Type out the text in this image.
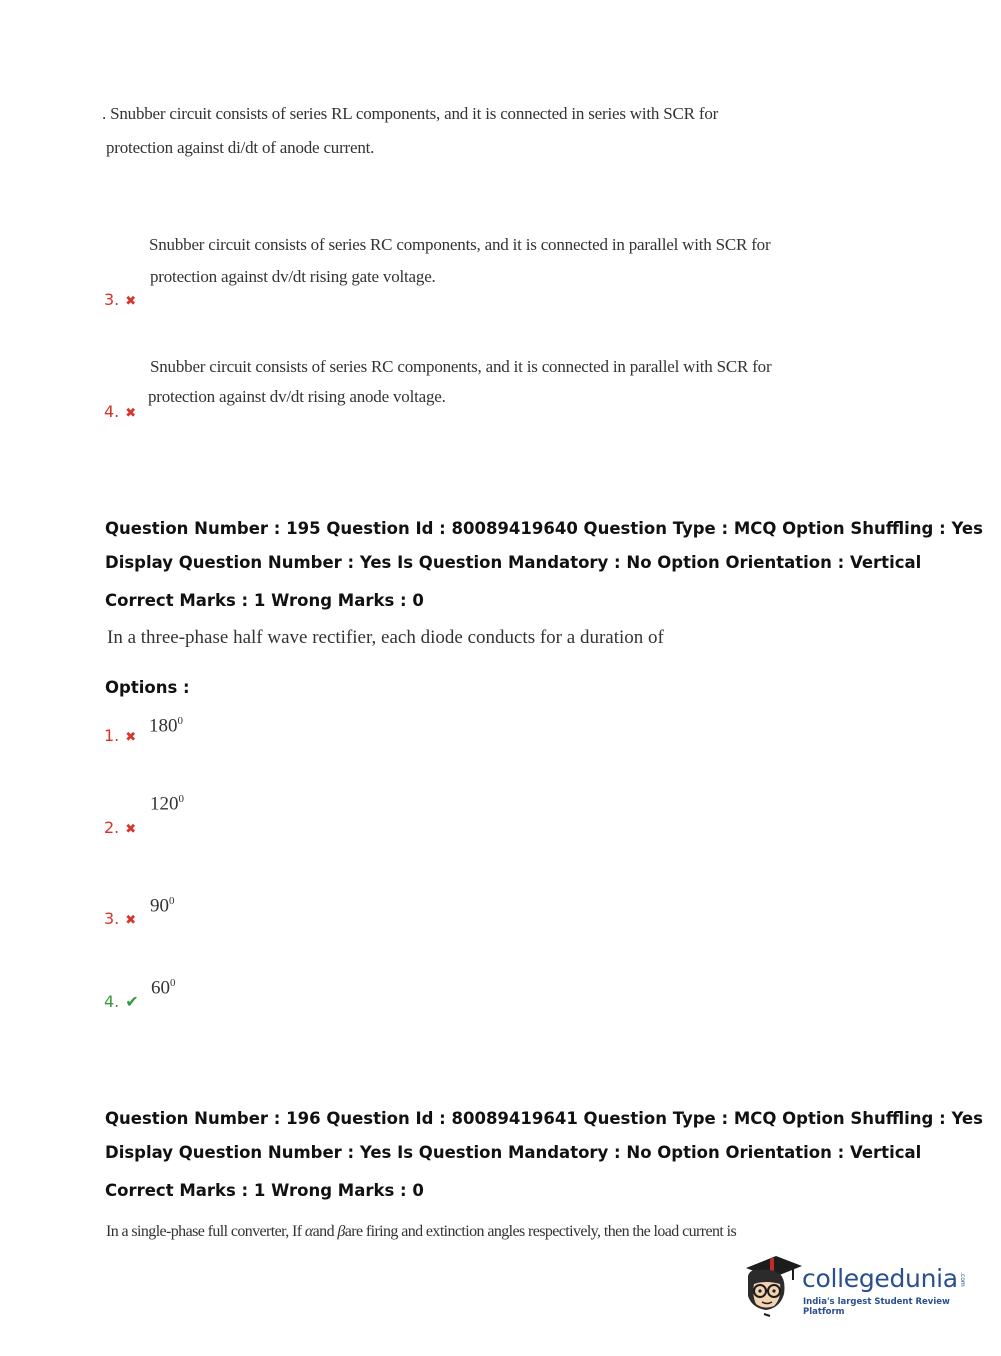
. Snubber circuit consists of series RL components, and it is connected in series with SCR for
protection against di/dt of anode current.
Snubber circuit consists of series RC components, and it is connected in parallel with SCR for
protection against dv/dt rising gate voltage.
3. ✖
Snubber circuit consists of series RC components, and it is connected in parallel with SCR for
protection against dv/dt rising anode voltage.
4. ✖
Question Number : 195 Question Id : 80089419640 Question Type : MCQ Option Shuffling : Yes
Display Question Number : Yes Is Question Mandatory : No Option Orientation : Vertical
Correct Marks : 1 Wrong Marks : 0
In a three-phase half wave rectifier, each diode conducts for a duration of
Options :
1. ✖
$180^0$
$120^0$
2. ✖
$90^0$
3. ✖
$60^0$
4. ✔
Question Number : 196 Question Id : 80089419641 Question Type : MCQ Option Shuffling : Yes
Display Question Number : Yes Is Question Mandatory : No Option Orientation : Vertical
Correct Marks : 1 Wrong Marks : 0
In a single-phase full converter, If αand βare firing and extinction angles respectively, then the load current is
collegedunia .com
India's largest Student Review Platform
